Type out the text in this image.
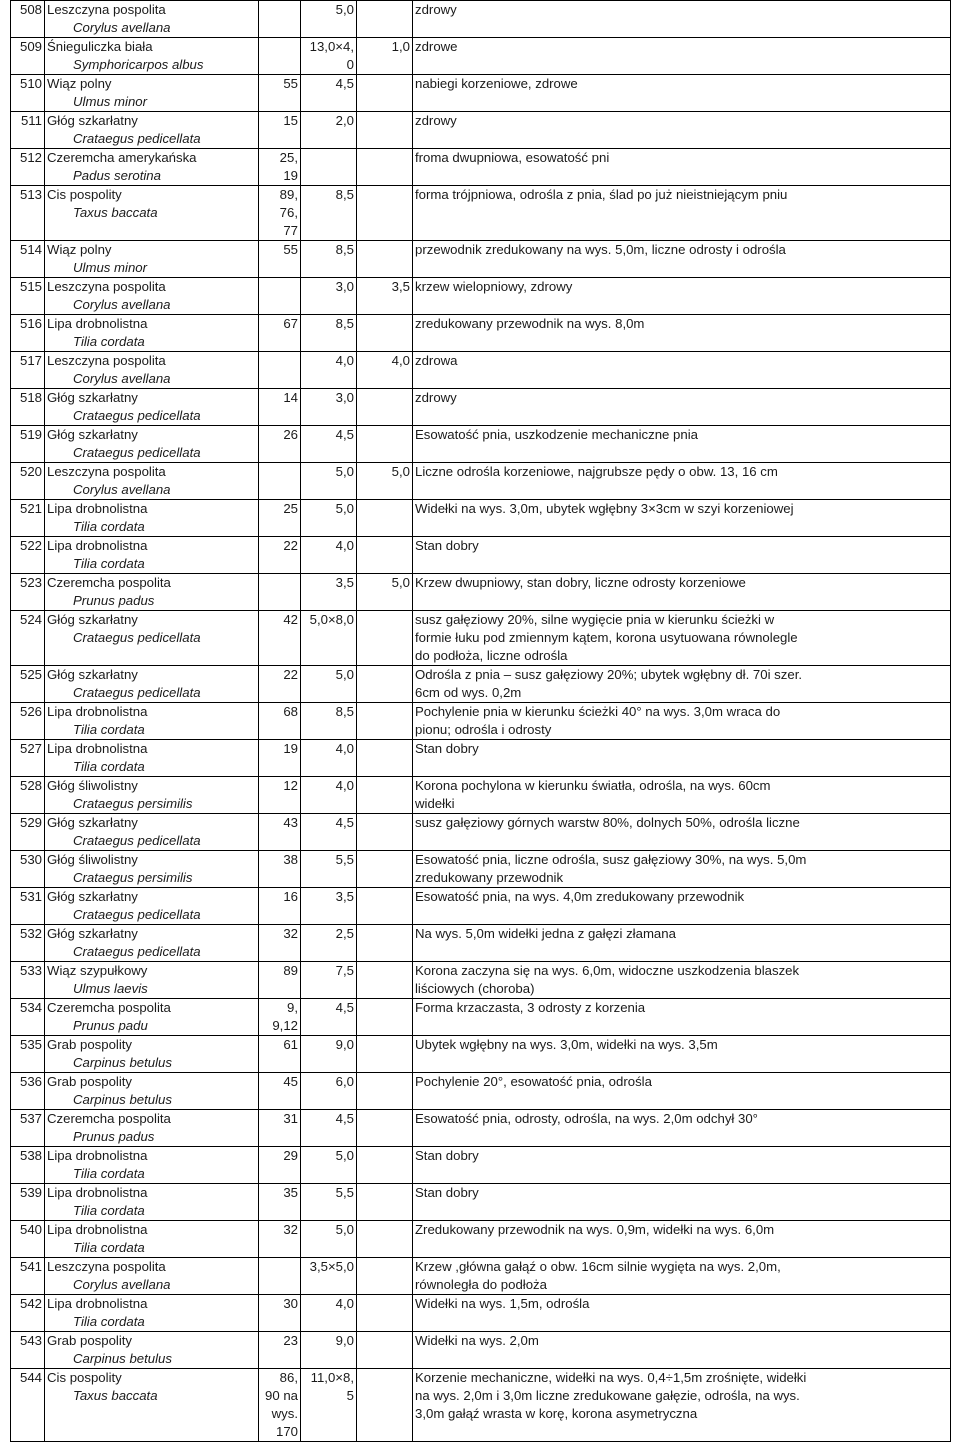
508	Leszczyna pospolita
Corylus avellana		5,0		zdrowy

509	Śnieguliczka biała
Symphoricarpos albus		13,0×4,
0	1,0	zdrowe

510	Wiąz polny
Ulmus minor	55	4,5		nabiegi korzeniowe, zdrowe

511	Głóg szkarłatny
Crataegus pedicellata	15	2,0		zdrowy

512	Czeremcha amerykańska
Padus serotina	25,
19			froma dwupniowa, esowatość pni

513	Cis pospolity
Taxus baccata	89,
76,
77	8,5		forma trójpniowa, odrośla z pnia, ślad po już nieistniejącym pniu

514	Wiąz polny
Ulmus minor	55	8,5		przewodnik zredukowany na wys. 5,0m, liczne odrosty i odrośla

515	Leszczyna pospolita
Corylus avellana		3,0	3,5	krzew wielopniowy, zdrowy

516	Lipa drobnolistna
Tilia cordata	67	8,5		zredukowany przewodnik na wys. 8,0m

517	Leszczyna pospolita
Corylus avellana		4,0	4,0	zdrowa

518	Głóg szkarłatny
Crataegus pedicellata	14	3,0		zdrowy

519	Głóg szkarłatny
Crataegus pedicellata	26	4,5		Esowatość pnia, uszkodzenie mechaniczne pnia

520	Leszczyna pospolita
Corylus avellana		5,0	5,0	Liczne odrośla korzeniowe, najgrubsze pędy o obw. 13, 16 cm

521	Lipa drobnolistna
Tilia cordata	25	5,0		Widełki na wys. 3,0m, ubytek wgłębny 3×3cm w szyi korzeniowej

522	Lipa drobnolistna
Tilia cordata	22	4,0		Stan dobry

523	Czeremcha pospolita
Prunus padus		3,5	5,0	Krzew dwupniowy, stan dobry, liczne odrosty korzeniowe

524	Głóg szkarłatny
Crataegus pedicellata	42	5,0×8,0		susz gałęziowy 20%, silne wygięcie pnia w kierunku ścieżki w
formie łuku pod zmiennym kątem, korona usytuowana równolegle
do podłoża, liczne odrośla

525	Głóg szkarłatny
Crataegus pedicellata	22	5,0		Odrośla z pnia – susz gałęziowy 20%; ubytek wgłębny dł. 70i szer.
6cm od wys. 0,2m

526	Lipa drobnolistna
Tilia cordata	68	8,5		Pochylenie pnia w kierunku ścieżki 40° na wys. 3,0m wraca do
pionu; odrośla i odrosty

527	Lipa drobnolistna
Tilia cordata	19	4,0		Stan dobry

528	Głóg śliwolistny
Crataegus persimilis	12	4,0		Korona pochylona w kierunku światła, odrośla, na wys. 60cm
widełki

529	Głóg szkarłatny
Crataegus pedicellata	43	4,5		susz gałęziowy górnych warstw 80%, dolnych 50%, odrośla liczne

530	Głóg śliwolistny
Crataegus persimilis	38	5,5		Esowatość pnia, liczne odrośla, susz gałęziowy 30%, na wys. 5,0m
zredukowany przewodnik

531	Głóg szkarłatny
Crataegus pedicellata	16	3,5		Esowatość pnia, na wys. 4,0m zredukowany przewodnik

532	Głóg szkarłatny
Crataegus pedicellata	32	2,5		Na wys. 5,0m widełki jedna z gałęzi złamana

533	Wiąz szypułkowy
Ulmus laevis	89	7,5		Korona zaczyna się na wys. 6,0m, widoczne uszkodzenia blaszek
liściowych (choroba)

534	Czeremcha pospolita
Prunus padu	9,
9,12	4,5		Forma krzaczasta, 3 odrosty z korzenia

535	Grab pospolity
Carpinus betulus	61	9,0		Ubytek wgłębny na wys. 3,0m, widełki na wys. 3,5m

536	Grab pospolity
Carpinus betulus	45	6,0		Pochylenie 20°, esowatość pnia, odrośla

537	Czeremcha pospolita
Prunus padus	31	4,5		Esowatość pnia, odrosty, odrośla, na wys. 2,0m odchył 30°

538	Lipa drobnolistna
Tilia cordata	29	5,0		Stan dobry

539	Lipa drobnolistna
Tilia cordata	35	5,5		Stan dobry

540	Lipa drobnolistna
Tilia cordata	32	5,0		Zredukowany przewodnik na wys. 0,9m, widełki na wys. 6,0m

541	Leszczyna pospolita
Corylus avellana		3,5×5,0		Krzew ,główna gałąź o obw. 16cm silnie wygięta na wys. 2,0m,
równoległa do podłoża

542	Lipa drobnolistna
Tilia cordata	30	4,0		Widełki na wys. 1,5m, odrośla

543	Grab pospolity
Carpinus betulus	23	9,0		Widełki na wys. 2,0m

544	Cis pospolity
Taxus baccata	86,
90 na
wys.
170	11,0×8,
5		Korzenie mechaniczne, widełki na wys. 0,4÷1,5m zrośnięte, widełki
na wys. 2,0m i 3,0m liczne zredukowane gałęzie, odrośla, na wys.
3,0m gałąź wrasta w korę, korona asymetryczna
